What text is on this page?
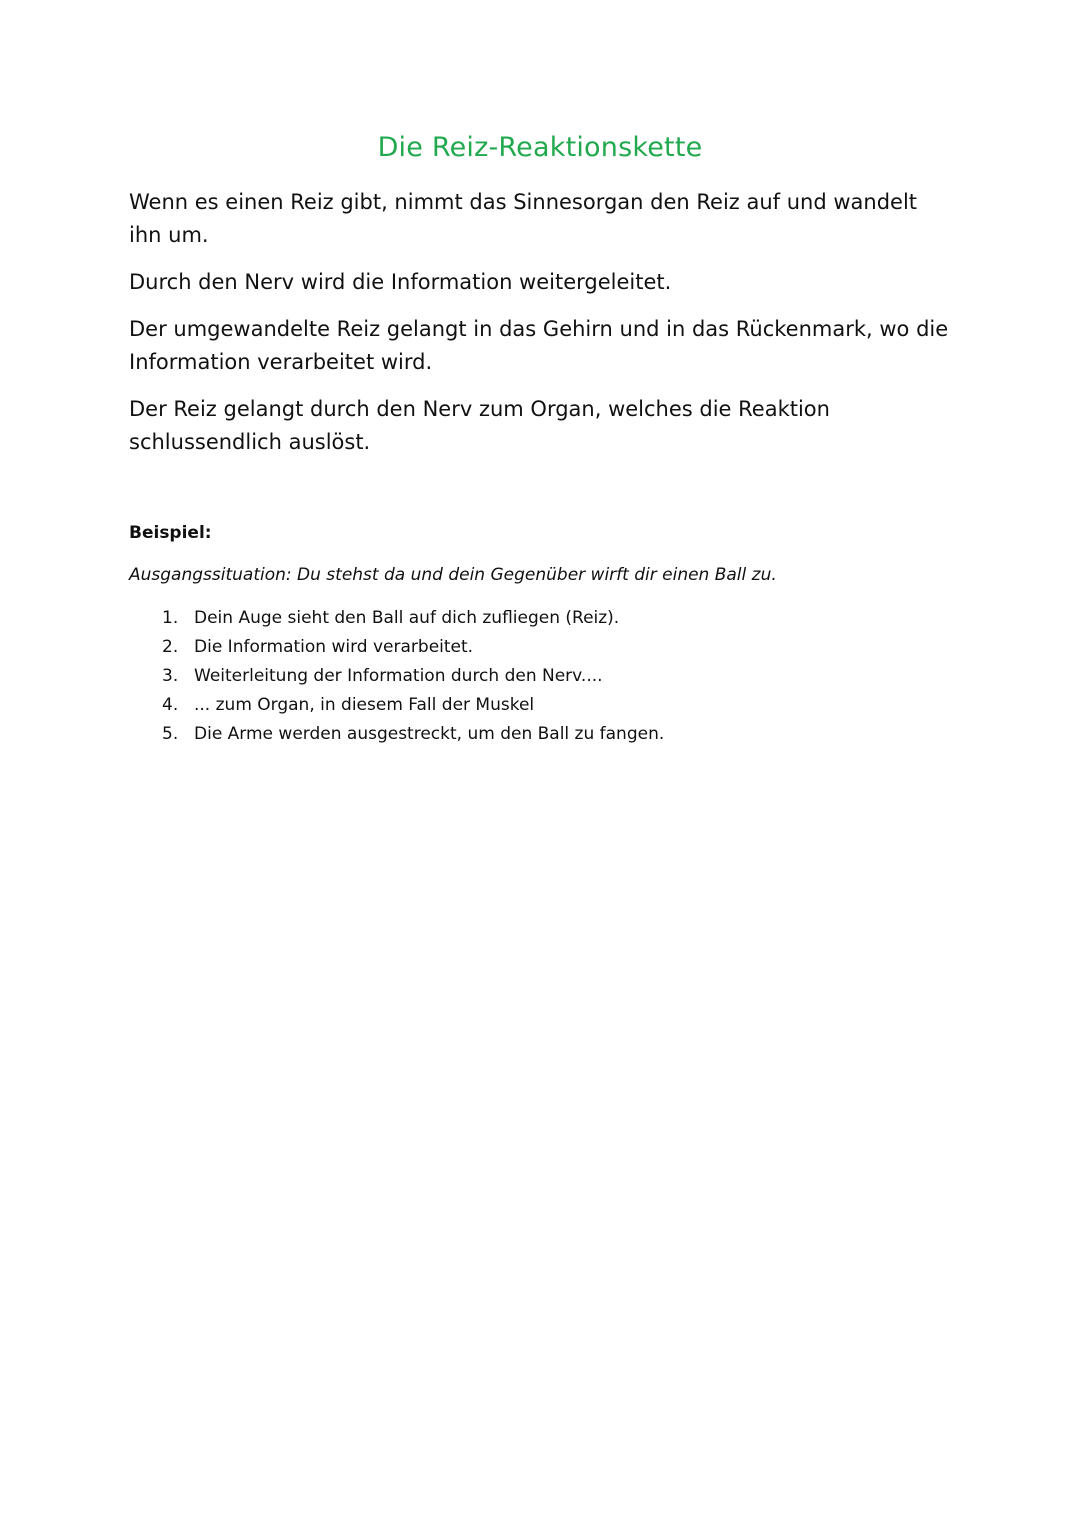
Die Reiz-Reaktionskette

Wenn es einen Reiz gibt, nimmt das Sinnesorgan den Reiz auf und wandelt ihn um.

Durch den Nerv wird die Information weitergeleitet.

Der umgewandelte Reiz gelangt in das Gehirn und in das Rückenmark, wo die Information verarbeitet wird.

Der Reiz gelangt durch den Nerv zum Organ, welches die Reaktion schlussendlich auslöst.

Beispiel:
Ausgangssituation: Du stehst da und dein Gegenüber wirft dir einen Ball zu.
1. Dein Auge sieht den Ball auf dich zufliegen (Reiz).
2. Die Information wird verarbeitet.
3. Weiterleitung der Information durch den Nerv....
4. ... zum Organ, in diesem Fall der Muskel
5. Die Arme werden ausgestreckt, um den Ball zu fangen.
